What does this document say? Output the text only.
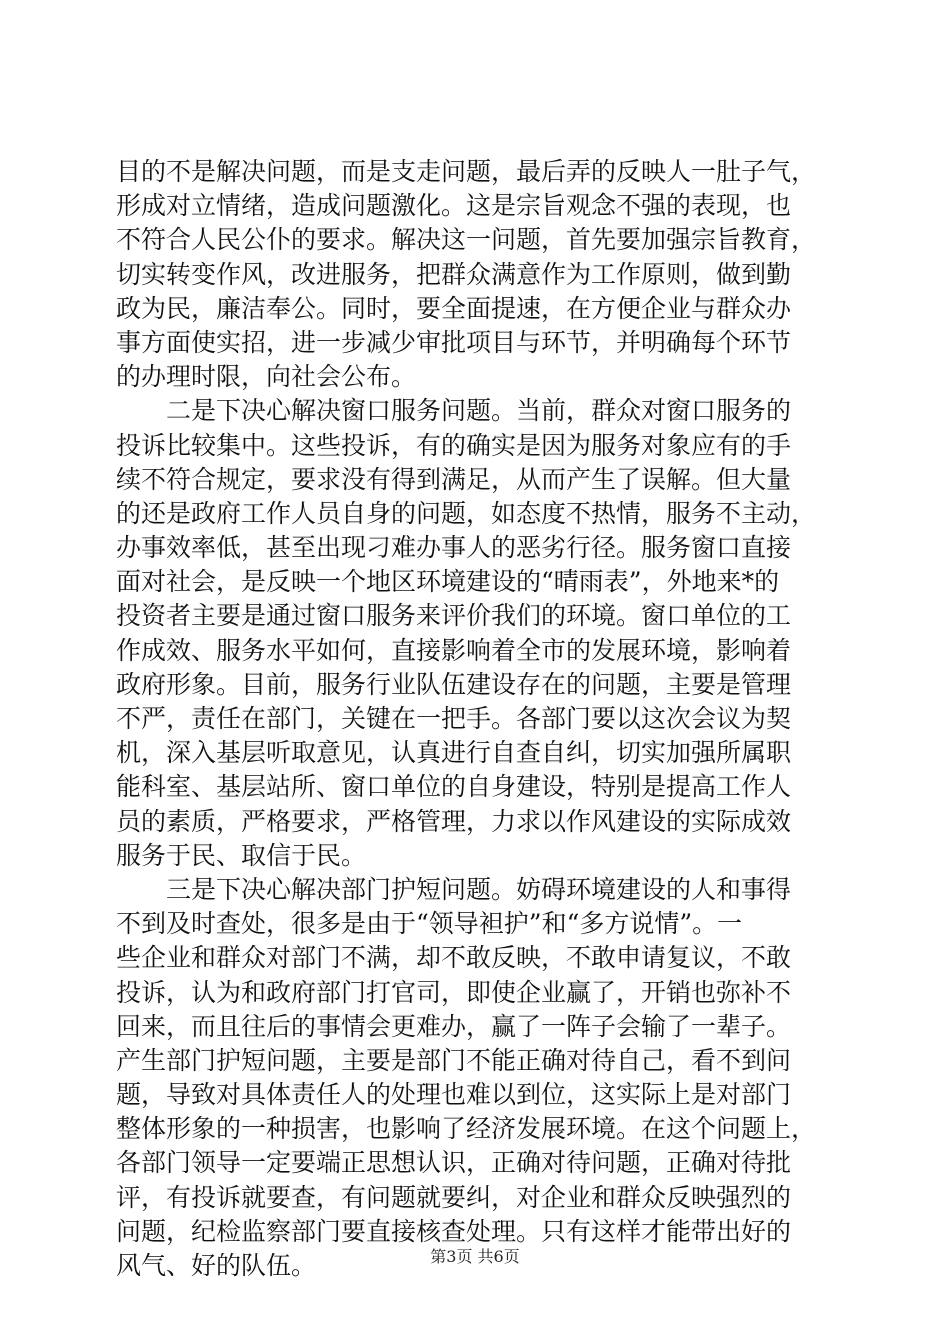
目的不是解决问题，而是支走问题，最后弄的反映人一肚子气，
形成对立情绪，造成问题激化。这是宗旨观念不强的表现，也
不符合人民公仆的要求。解决这一问题，首先要加强宗旨教育，
切实转变作风，改进服务，把群众满意作为工作原则，做到勤
政为民，廉洁奉公。同时，要全面提速，在方便企业与群众办
事方面使实招，进一步减少审批项目与环节，并明确每个环节
的办理时限，向社会公布。
二是下决心解决窗口服务问题。当前，群众对窗口服务的
投诉比较集中。这些投诉，有的确实是因为服务对象应有的手
续不符合规定，要求没有得到满足，从而产生了误解。但大量
的还是政府工作人员自身的问题，如态度不热情，服务不主动，
办事效率低，甚至出现刁难办事人的恶劣行径。服务窗口直接
面对社会，是反映一个地区环境建设的“晴雨表”，外地来*的
投资者主要是通过窗口服务来评价我们的环境。窗口单位的工
作成效、服务水平如何，直接影响着全市的发展环境，影响着
政府形象。目前，服务行业队伍建设存在的问题，主要是管理
不严，责任在部门，关键在一把手。各部门要以这次会议为契
机，深入基层听取意见，认真进行自查自纠，切实加强所属职
能科室、基层站所、窗口单位的自身建设，特别是提高工作人
员的素质，严格要求，严格管理，力求以作风建设的实际成效
服务于民、取信于民。
三是下决心解决部门护短问题。妨碍环境建设的人和事得
不到及时查处，很多是由于“领导袒护”和“多方说情”。一
些企业和群众对部门不满，却不敢反映，不敢申请复议，不敢
投诉，认为和政府部门打官司，即使企业赢了，开销也弥补不
回来，而且往后的事情会更难办，赢了一阵子会输了一辈子。
产生部门护短问题，主要是部门不能正确对待自己，看不到问
题，导致对具体责任人的处理也难以到位，这实际上是对部门
整体形象的一种损害，也影响了经济发展环境。在这个问题上，
各部门领导一定要端正思想认识，正确对待问题，正确对待批
评，有投诉就要查，有问题就要纠，对企业和群众反映强烈的
问题，纪检监察部门要直接核查处理。只有这样才能带出好的
风气、好的队伍。	第3页 共6页
